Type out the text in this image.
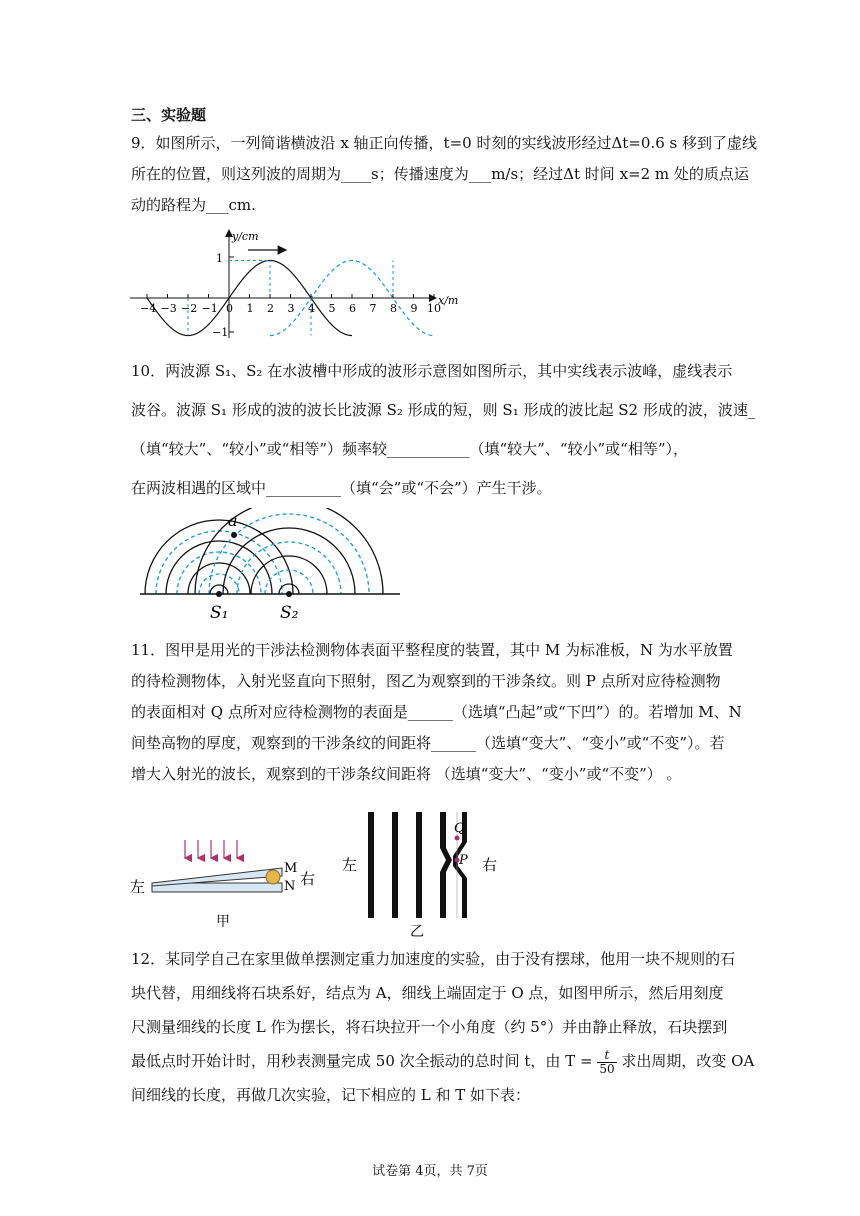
三、实验题
9．如图所示，一列简谐横波沿 x 轴正向传播，t=0 时刻的实线波形经过Δt=0.6 s 移到了虚线
所在的位置，则这列波的周期为____s；传播速度为___m/s；经过Δt 时间 x=2 m 处的质点运
动的路程为___cm.
−4 −3 −2 −1 0 1 2 3 4 5 6 7 8 9 10
y/cm
x/m
1
−1
10．两波源 S₁、S₂ 在水波槽中形成的波形示意图如图所示，其中实线表示波峰，虚线表示
波谷。波源 S₁ 形成的波的波长比波源 S₂ 形成的短，则 S₁ 形成的波比起 S2 形成的波，波速_
（填“较大”、“较小”或“相等”）频率较___________（填“较大”、“较小”或“相等”），
在两波相遇的区域中__________（填“会”或“不会”）产生干涉。
a
S₁	S₂
11．图甲是用光的干涉法检测物体表面平整程度的装置，其中 M 为标准板，N 为水平放置
的待检测物体，入射光竖直向下照射，图乙为观察到的干涉条纹。则 P 点所对应待检测物
的表面相对 Q 点所对应待检测物的表面是______（选填“凸起”或“下凹”）的。若增加 M、N
间垫高物的厚度，观察到的干涉条纹的间距将______（选填“变大”、“变小”或“不变”）。若
增大入射光的波长，观察到的干涉条纹间距将 （选填“变大”、“变小”或“不变”） 。
M
N
左	右
甲
Q
P
左	右
乙
12．某同学自己在家里做单摆测定重力加速度的实验，由于没有摆球，他用一块不规则的石
块代替，用细线将石块系好，结点为 A，细线上端固定于 O 点，如图甲所示，然后用刻度
尺测量细线的长度 L 作为摆长，将石块拉开一个小角度（约 5°）并由静止释放，石块摆到
最低点时开始计时，用秒表测量完成 50 次全振动的总时间 t，由 $T = \frac{t}{50}$ 求出周期，改变 OA
间细线的长度，再做几次实验，记下相应的 L 和 T 如下表：
试卷第 4页，共 7页
